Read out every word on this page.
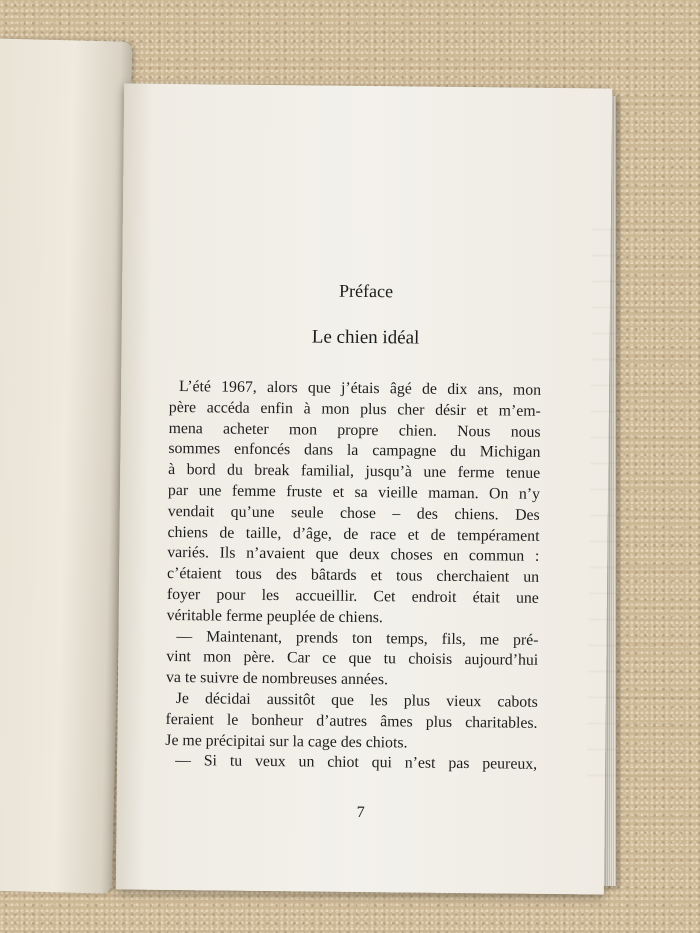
Préface
Le chien idéal
L’été 1967, alors que j’étais âgé de dix ans, mon
père accéda enfin à mon plus cher désir et m’em-
mena acheter mon propre chien. Nous nous
sommes enfoncés dans la campagne du Michigan
à bord du break familial, jusqu’à une ferme tenue
par une femme fruste et sa vieille maman. On n’y
vendait qu’une seule chose – des chiens. Des
chiens de taille, d’âge, de race et de tempérament
variés. Ils n’avaient que deux choses en commun :
c’étaient tous des bâtards et tous cherchaient un
foyer pour les accueillir. Cet endroit était une
véritable ferme peuplée de chiens.
— Maintenant, prends ton temps, fils, me pré-
vint mon père. Car ce que tu choisis aujourd’hui
va te suivre de nombreuses années.
Je décidai aussitôt que les plus vieux cabots
feraient le bonheur d’autres âmes plus charitables.
Je me précipitai sur la cage des chiots.
— Si tu veux un chiot qui n’est pas peureux,
7
